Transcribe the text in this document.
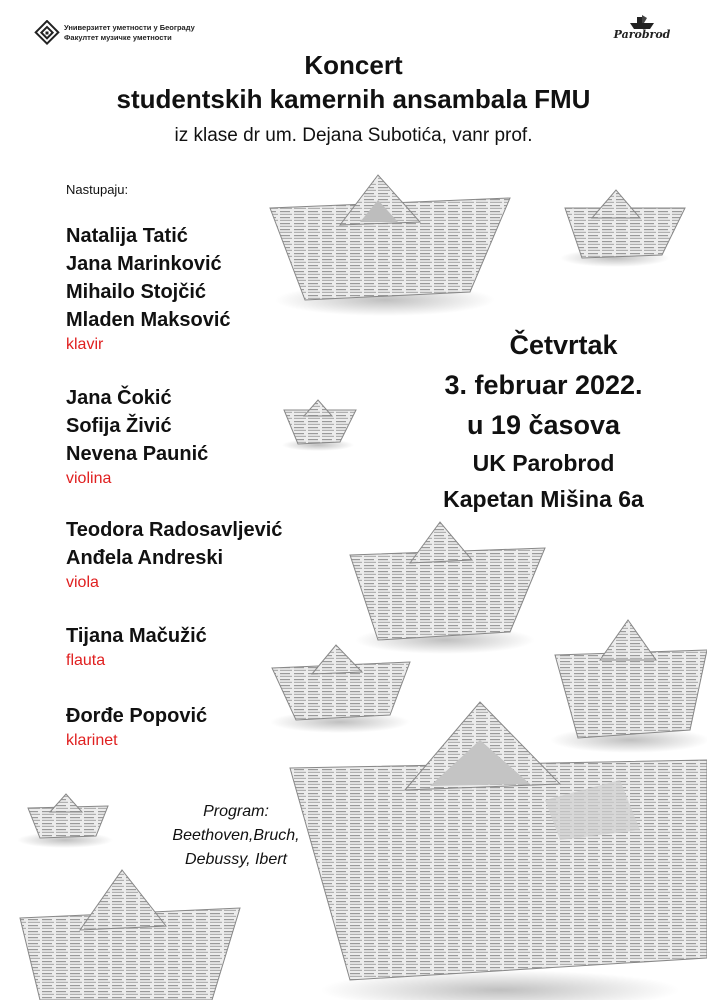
Универзитет уметности у Београду
Факултет музичке уметности	Parobrod
Koncert
studentskih kamernih ansambala FMU
iz klase dr um. Dejana Subotića, vanr prof.
Nastupaju:
Natalija Tatić
Jana Marinković
Mihailo Stojčić
Mladen Maksović
klavir
Jana Čokić
Sofija Živić
Nevena Paunić
violina
Teodora Radosavljević
Anđela Andreski
viola
Tijana Mačužić
flauta
Đorđe Popović
klarinet
Četvrtak
3. februar 2022.
u 19 časova
UK Parobrod
Kapetan Mišina 6a
Program:
Beethoven,Bruch,
Debussy, Ibert
